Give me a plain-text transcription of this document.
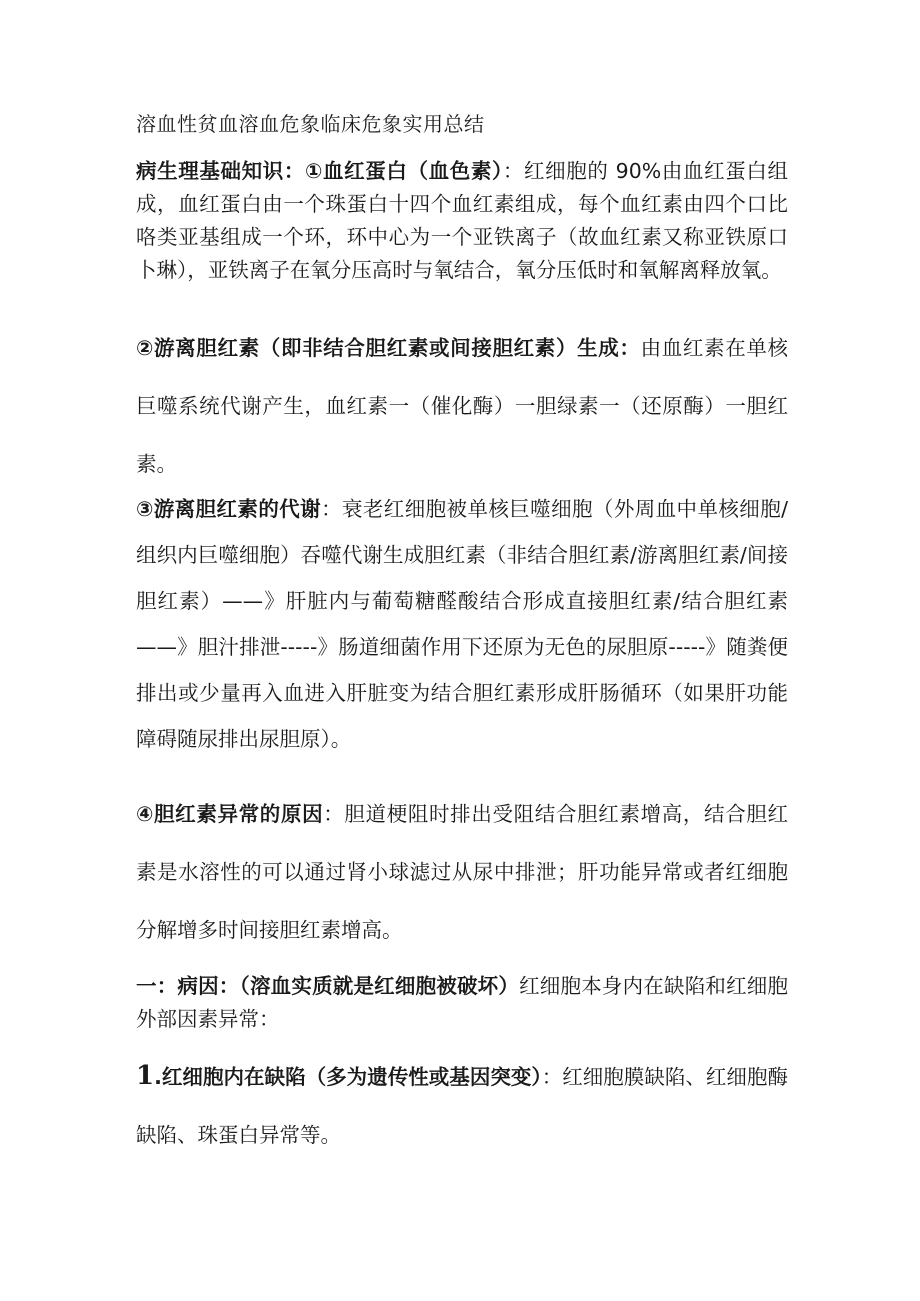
溶血性贫血溶血危象临床危象实用总结

病生理基础知识：①血红蛋白（血色素）：红细胞的 90%由血红蛋白组成，血红蛋白由一个珠蛋白十四个血红素组成，每个血红素由四个口比咯类亚基组成一个环，环中心为一个亚铁离子（故血红素又称亚铁原口卜琳），亚铁离子在氧分压高时与氧结合，氧分压低时和氧解离释放氧。

②游离胆红素（即非结合胆红素或间接胆红素）生成：由血红素在单核巨噬系统代谢产生，血红素一（催化酶）一胆绿素一（还原酶）一胆红素。

③游离胆红素的代谢：衰老红细胞被单核巨噬细胞（外周血中单核细胞/组织内巨噬细胞）吞噬代谢生成胆红素（非结合胆红素/游离胆红素/间接胆红素）——》肝脏内与葡萄糖醛酸结合形成直接胆红素/结合胆红素——》胆汁排泄-----》肠道细菌作用下还原为无色的尿胆原-----》随粪便排出或少量再入血进入肝脏变为结合胆红素形成肝肠循环（如果肝功能障碍随尿排出尿胆原）。

④胆红素异常的原因：胆道梗阻时排出受阻结合胆红素增高，结合胆红素是水溶性的可以通过肾小球滤过从尿中排泄；肝功能异常或者红细胞分解增多时间接胆红素增高。

一：病因：（溶血实质就是红细胞被破坏）红细胞本身内在缺陷和红细胞外部因素异常：

1.红细胞内在缺陷（多为遗传性或基因突变）：红细胞膜缺陷、红细胞酶缺陷、珠蛋白异常等。
